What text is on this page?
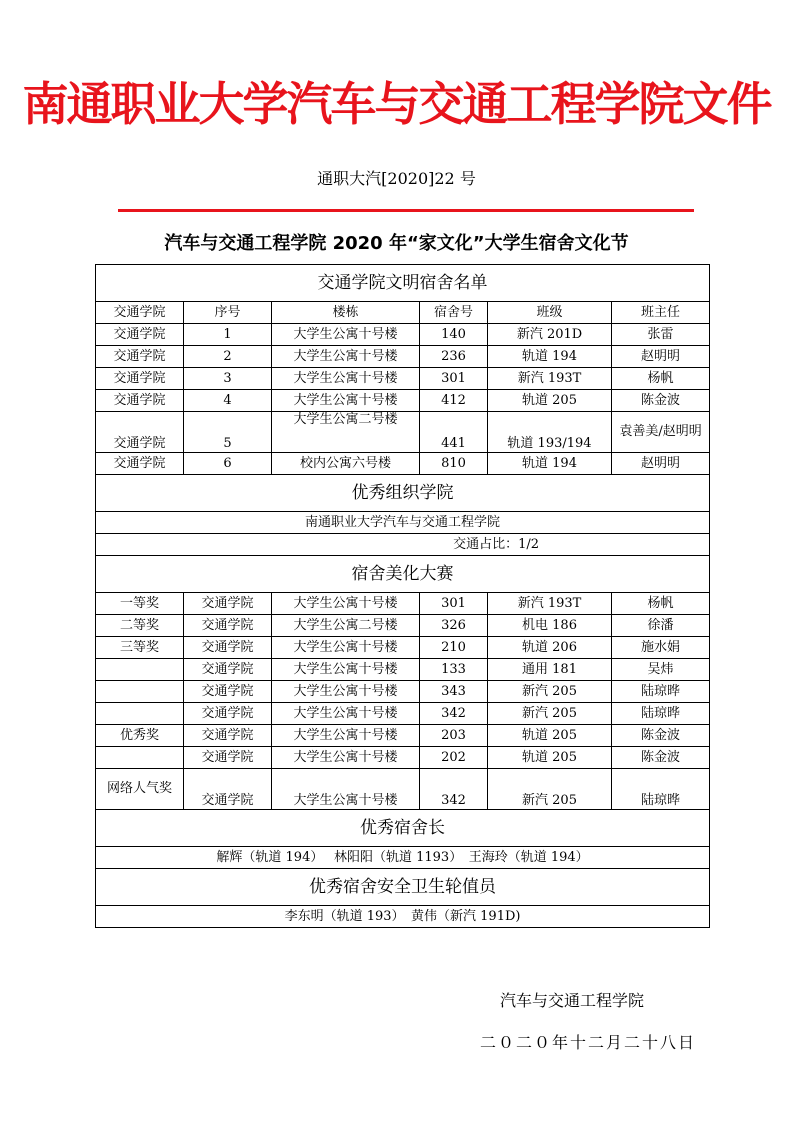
南通职业大学汽车与交通工程学院文件
通职大汽[2020]22 号
汽车与交通工程学院 2020 年“家文化”大学生宿舍文化节
交通学院文明宿舍名单					
交通学院	序号	楼栋	宿舍号	班级	班主任
交通学院	1	大学生公寓十号楼	140	新汽 201D	张雷
交通学院	2	大学生公寓十号楼	236	轨道 194	赵明明
交通学院	3	大学生公寓十号楼	301	新汽 193T	杨帆
交通学院	4	大学生公寓十号楼	412	轨道 205	陈金波
交通学院	5	大学生公寓二号楼	441	轨道 193/194	袁善美/赵明明
交通学院	6	校内公寓六号楼	810	轨道 194	赵明明
优秀组织学院					
南通职业大学汽车与交通工程学院					
交通占比：1/2					
宿舍美化大赛					
一等奖	交通学院	大学生公寓十号楼	301	新汽 193T	杨帆
二等奖	交通学院	大学生公寓二号楼	326	机电 186	徐潘
三等奖	交通学院	大学生公寓十号楼	210	轨道 206	施水娟
	交通学院	大学生公寓十号楼	133	通用 181	吴炜
	交通学院	大学生公寓十号楼	343	新汽 205	陆琼晔
	交通学院	大学生公寓十号楼	342	新汽 205	陆琼晔
优秀奖	交通学院	大学生公寓十号楼	203	轨道 205	陈金波
	交通学院	大学生公寓十号楼	202	轨道 205	陈金波
网络人气奖	交通学院	大学生公寓十号楼	342	新汽 205	陆琼晔
优秀宿舍长					
解辉（轨道 194）　 林阳阳（轨道 1193）　王海玲（轨道 194）					
优秀宿舍安全卫生轮值员					
李东明（轨道 193）　黄伟（新汽 191D)					
汽车与交通工程学院
二０二０年十二月二十八日
